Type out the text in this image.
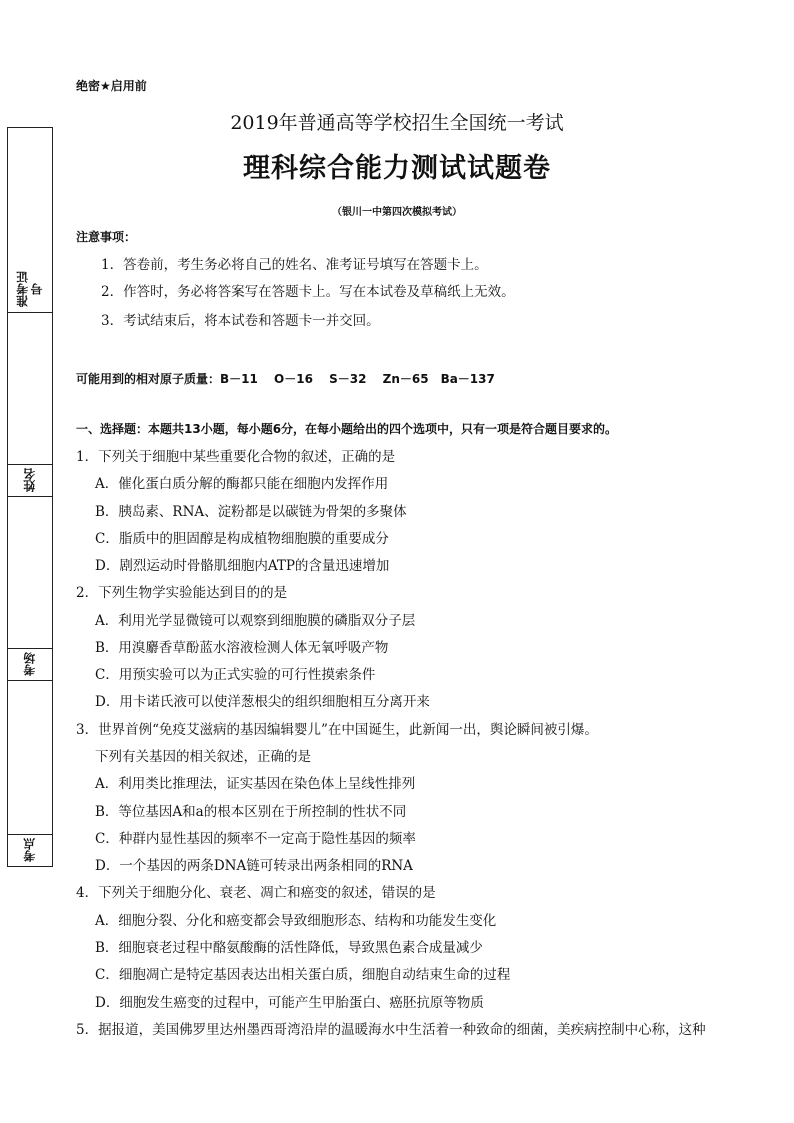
绝密★启用前
2019年普通高等学校招生全国统一考试
理科综合能力测试试题卷
（银川一中第四次模拟考试）
准考证号
姓名
考场
考点
注意事项：
1．答卷前，考生务必将自己的姓名、准考证号填写在答题卡上。
2．作答时，务必将答案写在答题卡上。写在本试卷及草稿纸上无效。
3．考试结束后，将本试卷和答题卡一并交回。
可能用到的相对原子质量：B－11　 O－16　 S－32　 Zn－65　Ba－137
一、选择题：本题共13小题，每小题6分，在每小题给出的四个选项中，只有一项是符合题目要求的。
1．下列关于细胞中某些重要化合物的叙述，正确的是
A．催化蛋白质分解的酶都只能在细胞内发挥作用
B．胰岛素、RNA、淀粉都是以碳链为骨架的多聚体
C．脂质中的胆固醇是构成植物细胞膜的重要成分
D．剧烈运动时骨骼肌细胞内ATP的含量迅速增加
2．下列生物学实验能达到目的的是
A．利用光学显微镜可以观察到细胞膜的磷脂双分子层
B．用溴麝香草酚蓝水溶液检测人体无氧呼吸产物
C．用预实验可以为正式实验的可行性摸索条件
D．用卡诺氏液可以使洋葱根尖的组织细胞相互分离开来
3．世界首例“免疫艾滋病的基因编辑婴儿”在中国诞生，此新闻一出，舆论瞬间被引爆。
下列有关基因的相关叙述，正确的是
A．利用类比推理法，证实基因在染色体上呈线性排列
B．等位基因A和a的根本区别在于所控制的性状不同
C．种群内显性基因的频率不一定高于隐性基因的频率
D．一个基因的两条DNA链可转录出两条相同的RNA
4．下列关于细胞分化、衰老、凋亡和癌变的叙述，错误的是
A．细胞分裂、分化和癌变都会导致细胞形态、结构和功能发生变化
B．细胞衰老过程中酪氨酸酶的活性降低，导致黑色素合成量减少
C．细胞凋亡是特定基因表达出相关蛋白质，细胞自动结束生命的过程
D．细胞发生癌变的过程中，可能产生甲胎蛋白、癌胚抗原等物质
5．据报道，美国佛罗里达州墨西哥湾沿岸的温暖海水中生活着一种致命的细菌，美疾病控制中心称，这种
